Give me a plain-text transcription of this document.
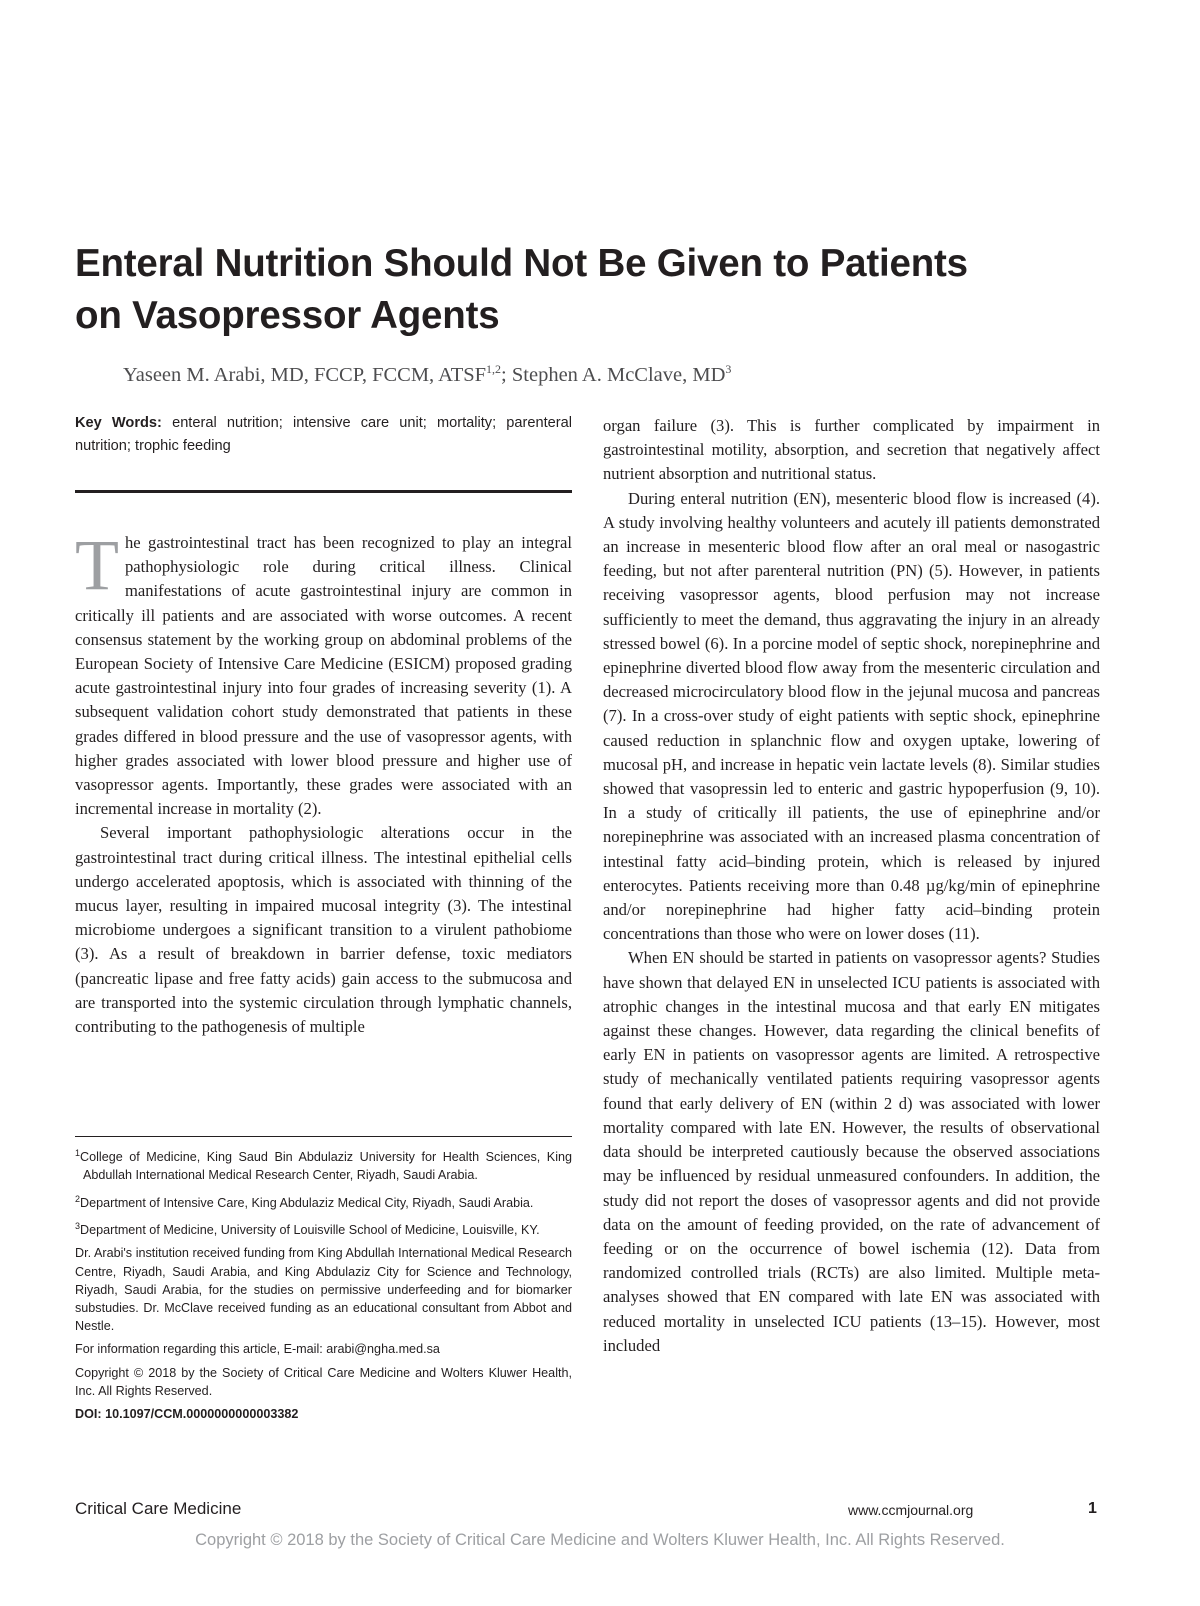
Enteral Nutrition Should Not Be Given to Patients
on Vasopressor Agents
Yaseen M. Arabi, MD, FCCP, FCCM, ATSF$^{1,2}$; Stephen A. McClave, $MD^3$
Key Words: enteral nutrition; intensive care unit; mortality; parenteral nutrition; trophic feeding

The gastrointestinal tract has been recognized to play an integral pathophysiologic role during critical illness. Clinical manifestations of acute gastrointestinal injury are common in critically ill patients and are associated with worse outcomes. A recent consensus statement by the working group on abdominal problems of the European Society of Intensive Care Medicine (ESICM) proposed grading acute gastrointestinal injury into four grades of increasing severity (1). A subsequent validation cohort study demonstrated that patients in these grades differed in blood pressure and the use of vasopressor agents, with higher grades associated with lower blood pressure and higher use of vasopressor agents. Importantly, these grades were associated with an incremental increase in mortality (2).

Several important pathophysiologic alterations occur in the gastrointestinal tract during critical illness. The intestinal epithelial cells undergo accelerated apoptosis, which is associated with thinning of the mucus layer, resulting in impaired mucosal integrity (3). The intestinal microbiome undergoes a significant transition to a virulent pathobiome (3). As a result of breakdown in barrier defense, toxic mediators (pancreatic lipase and free fatty acids) gain access to the submucosa and are transported into the systemic circulation through lymphatic channels, contributing to the pathogenesis of multiple

$^1$College of Medicine, King Saud Bin Abdulaziz University for Health Sciences, King Abdullah International Medical Research Center, Riyadh, Saudi Arabia.

$^2$Department of Intensive Care, King Abdulaziz Medical City, Riyadh, Saudi Arabia.

$^3$Department of Medicine, University of Louisville School of Medicine, Louisville, KY.

Dr. Arabi's institution received funding from King Abdullah International Medical Research Centre, Riyadh, Saudi Arabia, and King Abdulaziz City for Science and Technology, Riyadh, Saudi Arabia, for the studies on permissive underfeeding and for biomarker substudies. Dr. McClave received funding as an educational consultant from Abbot and Nestle.

For information regarding this article, E-mail: arabi@ngha.med.sa

Copyright © 2018 by the Society of Critical Care Medicine and Wolters Kluwer Health, Inc. All Rights Reserved.

DOI: 10.1097/CCM.0000000000003382

organ failure (3). This is further complicated by impairment in gastrointestinal motility, absorption, and secretion that negatively affect nutrient absorption and nutritional status.

During enteral nutrition (EN), mesenteric blood flow is increased (4). A study involving healthy volunteers and acutely ill patients demonstrated an increase in mesenteric blood flow after an oral meal or nasogastric feeding, but not after parenteral nutrition (PN) (5). However, in patients receiving vasopressor agents, blood perfusion may not increase sufficiently to meet the demand, thus aggravating the injury in an already stressed bowel (6). In a porcine model of septic shock, norepinephrine and epinephrine diverted blood flow away from the mesenteric circulation and decreased microcirculatory blood flow in the jejunal mucosa and pancreas (7). In a cross-over study of eight patients with septic shock, epinephrine caused reduction in splanchnic flow and oxygen uptake, lowering of mucosal pH, and increase in hepatic vein lactate levels (8). Similar studies showed that vasopressin led to enteric and gastric hypoperfusion (9, 10). In a study of critically ill patients, the use of epinephrine and/or norepinephrine was associated with an increased plasma concentration of intestinal fatty acid–binding protein, which is released by injured enterocytes. Patients receiving more than 0.48 µg/kg/min of epinephrine and/or norepinephrine had higher fatty acid–binding protein concentrations than those who were on lower doses (11).

When EN should be started in patients on vasopressor agents? Studies have shown that delayed EN in unselected ICU patients is associated with atrophic changes in the intestinal mucosa and that early EN mitigates against these changes. However, data regarding the clinical benefits of early EN in patients on vasopressor agents are limited. A retrospective study of mechanically ventilated patients requiring vasopressor agents found that early delivery of EN (within 2 d) was associated with lower mortality compared with late EN. However, the results of observational data should be interpreted cautiously because the observed associations may be influenced by residual unmeasured confounders. In addition, the study did not report the doses of vasopressor agents and did not provide data on the amount of feeding provided, on the rate of advancement of feeding or on the occurrence of bowel ischemia (12). Data from randomized controlled trials (RCTs) are also limited. Multiple meta-analyses showed that EN compared with late EN was associated with reduced mortality in unselected ICU patients (13–15). However, most included

Critical Care Medicine	www.ccmjournal.org	1
Copyright © 2018 by the Society of Critical Care Medicine and Wolters Kluwer Health, Inc. All Rights Reserved.
